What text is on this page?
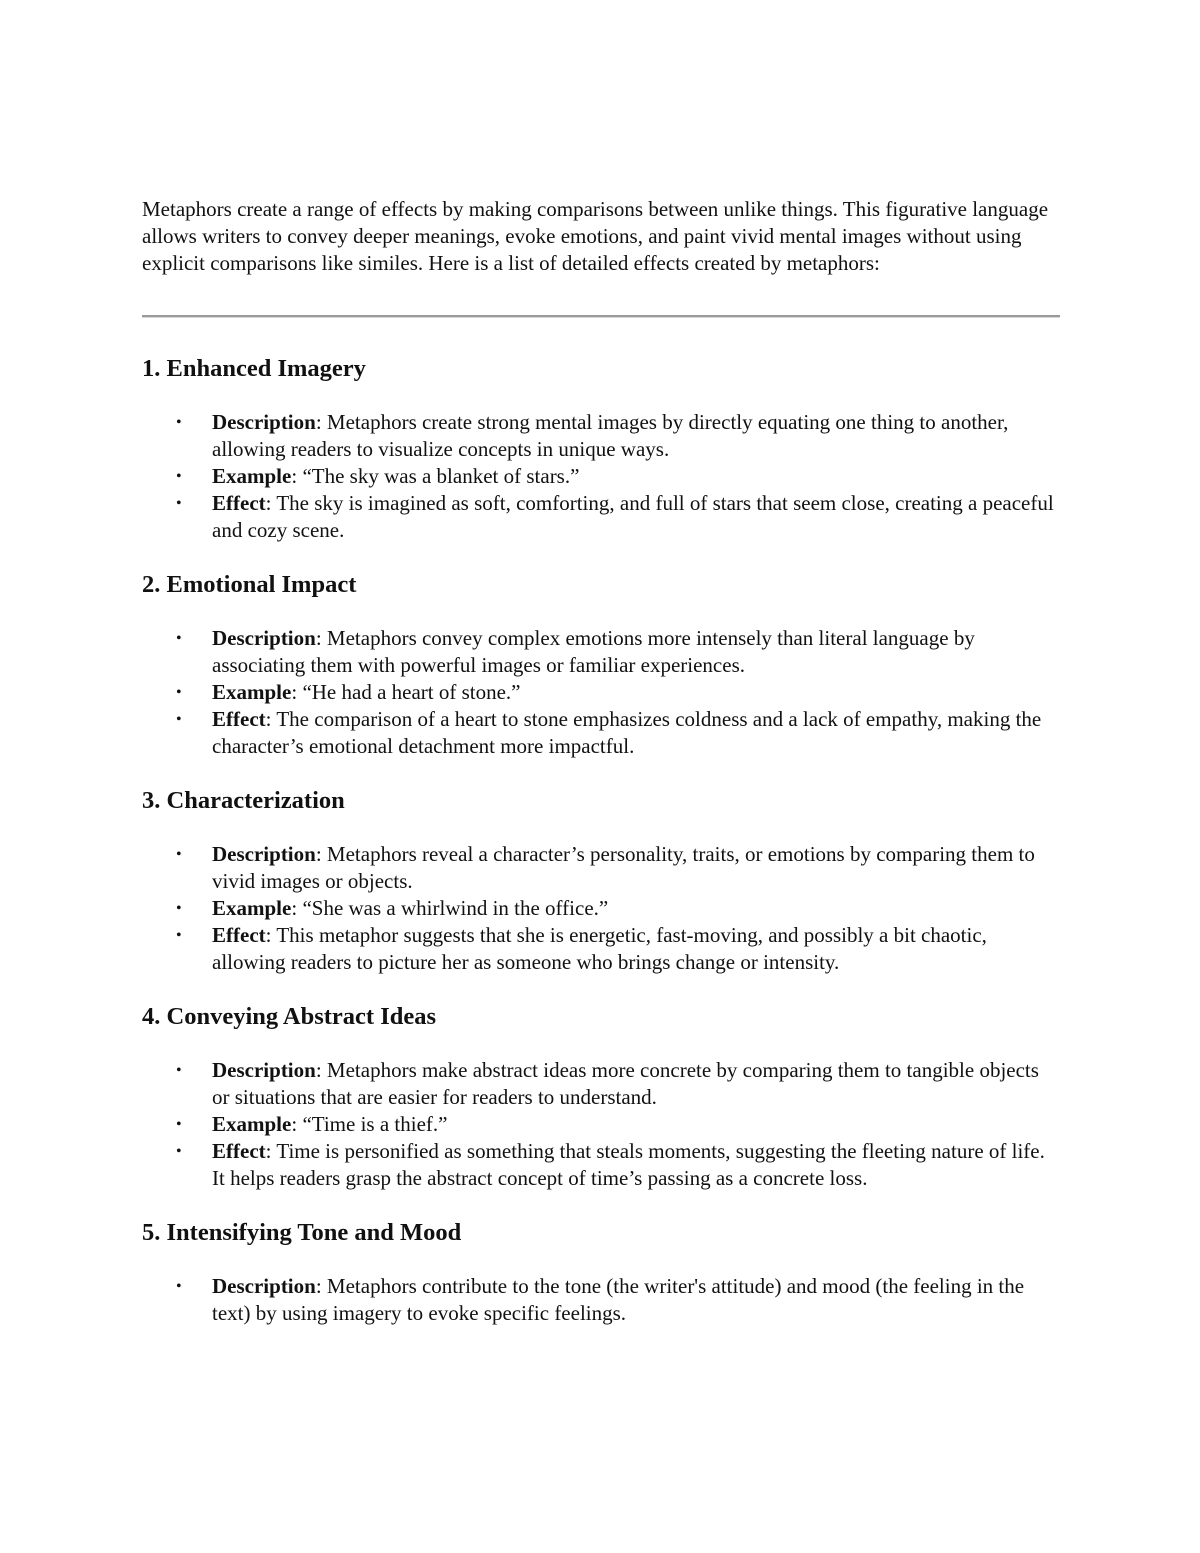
Metaphors create a range of effects by making comparisons between unlike things. This figurative language allows writers to convey deeper meanings, evoke emotions, and paint vivid mental images without using explicit comparisons like similes. Here is a list of detailed effects created by metaphors:

1. Enhanced Imagery
• Description: Metaphors create strong mental images by directly equating one thing to another, allowing readers to visualize concepts in unique ways.
• Example: “The sky was a blanket of stars.”
• Effect: The sky is imagined as soft, comforting, and full of stars that seem close, creating a peaceful and cozy scene.
2. Emotional Impact
• Description: Metaphors convey complex emotions more intensely than literal language by associating them with powerful images or familiar experiences.
• Example: “He had a heart of stone.”
• Effect: The comparison of a heart to stone emphasizes coldness and a lack of empathy, making the character’s emotional detachment more impactful.
3. Characterization
• Description: Metaphors reveal a character’s personality, traits, or emotions by comparing them to vivid images or objects.
• Example: “She was a whirlwind in the office.”
• Effect: This metaphor suggests that she is energetic, fast-moving, and possibly a bit chaotic, allowing readers to picture her as someone who brings change or intensity.
4. Conveying Abstract Ideas
• Description: Metaphors make abstract ideas more concrete by comparing them to tangible objects or situations that are easier for readers to understand.
• Example: “Time is a thief.”
• Effect: Time is personified as something that steals moments, suggesting the fleeting nature of life. It helps readers grasp the abstract concept of time’s passing as a concrete loss.
5. Intensifying Tone and Mood
• Description: Metaphors contribute to the tone (the writer's attitude) and mood (the feeling in the text) by using imagery to evoke specific feelings.
